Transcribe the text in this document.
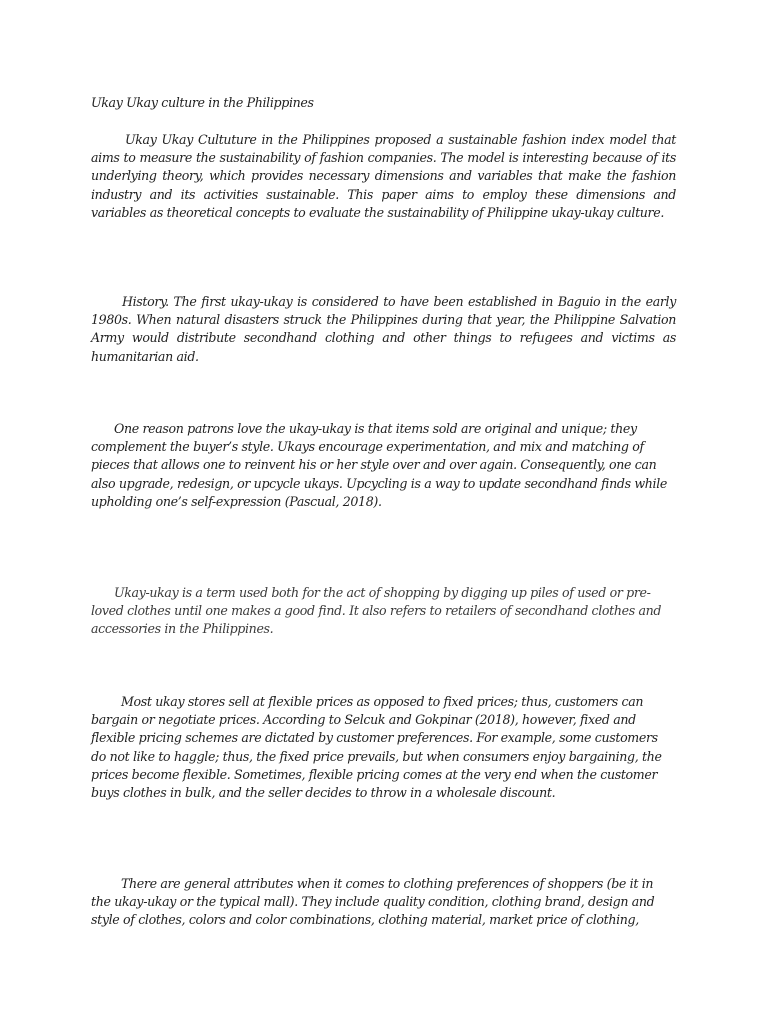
Ukay Ukay culture in the Philippines

Ukay Ukay Cultuture in the Philippines proposed a sustainable fashion index model that aims to measure the sustainability of fashion companies. The model is interesting because of its underlying theory, which provides necessary dimensions and variables that make the fashion industry and its activities sustainable. This paper aims to employ these dimensions and variables as theoretical concepts to evaluate the sustainability of Philippine ukay-ukay culture.

History. The first ukay-ukay is considered to have been established in Baguio in the early 1980s. When natural disasters struck the Philippines during that year, the Philippine Salvation Army would distribute secondhand clothing and other things to refugees and victims as humanitarian aid.

One reason patrons love the ukay-ukay is that items sold are original and unique; they complement the buyer’s style. Ukays encourage experimentation, and mix and matching of pieces that allows one to reinvent his or her style over and over again. Consequently, one can also upgrade, redesign, or upcycle ukays. Upcycling is a way to update secondhand finds while upholding one’s self-expression (Pascual, 2018).

Ukay-ukay is a term used both for the act of shopping by digging up piles of used or pre-loved clothes until one makes a good find. It also refers to retailers of secondhand clothes and accessories in the Philippines.

Most ukay stores sell at flexible prices as opposed to fixed prices; thus, customers can bargain or negotiate prices. According to Selcuk and Gokpinar (2018), however, fixed and flexible pricing schemes are dictated by customer preferences. For example, some customers do not like to haggle; thus, the fixed price prevails, but when consumers enjoy bargaining, the prices become flexible. Sometimes, flexible pricing comes at the very end when the customer buys clothes in bulk, and the seller decides to throw in a wholesale discount.

There are general attributes when it comes to clothing preferences of shoppers (be it in the ukay-ukay or the typical mall). They include quality condition, clothing brand, design and style of clothes, colors and color combinations, clothing material, market price of clothing,
